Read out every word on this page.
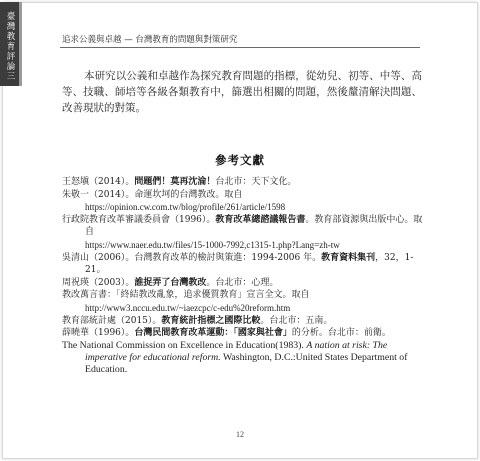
臺灣教育評論三
追求公義與卓越 — 台灣教育的問題與對策研究

本研究以公義和卓越作為探究教育問題的指標，從幼兒、初等、中等、高等、技職、師培等各級各類教育中，篩選出相關的問題，然後釐清解決問題、改善現狀的對策。

參考文獻
王怒塡（2014）。問題們！莫再沈淪！台北市：天下文化。
朱敬一（2014）。命運坎坷的台灣教改。取自
https://opinion.cw.com.tw/blog/profile/261/article/1598
行政院教育改革審議委員會（1996）。教育改革總諮議報告書。教育部資源與出版中心。取自
https://www.naer.edu.tw/files/15-1000-7992,c1315-1.php?Lang=zh-tw
吳清山（2006）。台灣教育改革的檢討與策進：1994-2006 年。教育資料集刊，32，1-21。
周祝瑛（2003）。誰捉弄了台灣教改。台北市：心理。
教改萬言書：「終結教改亂象，追求優質教育」宣言全文。取自
http://www3.nccu.edu.tw/~iaezcpc/c-edu%20reform.htm
教育部統計處（2015）。教育統計指標之國際比較。台北市：五南。
薛曉華（1996）。台灣民間教育改革運動：「國家與社會」的分析。台北市：前衛。
The National Commission on Excellence in Education(1983). A nation at risk: The imperative for educational reform. Washington, D.C.:United States Department of Education.
12
